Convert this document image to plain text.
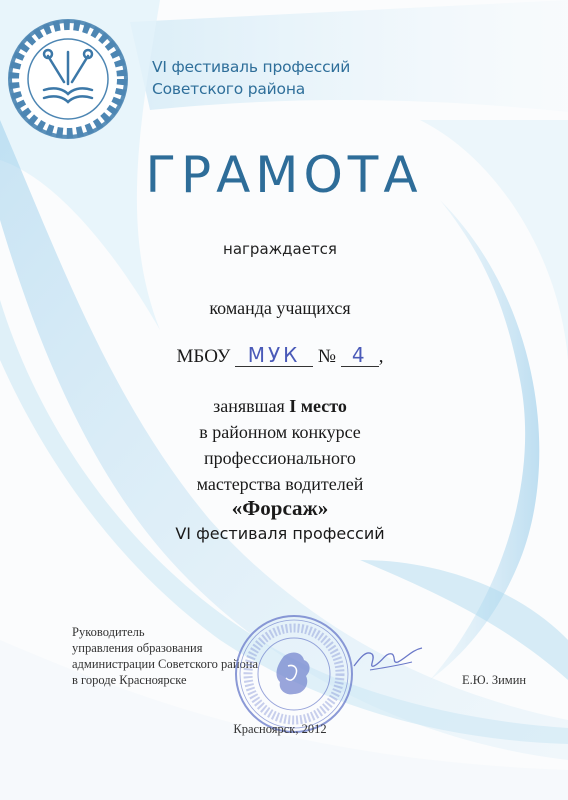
VI фестиваль профессий
Советского района
ГРАМОТА
награждается
команда учащихся
МБОУ МУК № 4 ,
занявшая I место
в районном конкурсе
профессионального
мастерства водителей
«Форсаж»
VI фестиваля профессий
Руководитель
управления образования
администрации Советского района
в городе Красноярске	Е.Ю. Зимин
Красноярск, 2012
